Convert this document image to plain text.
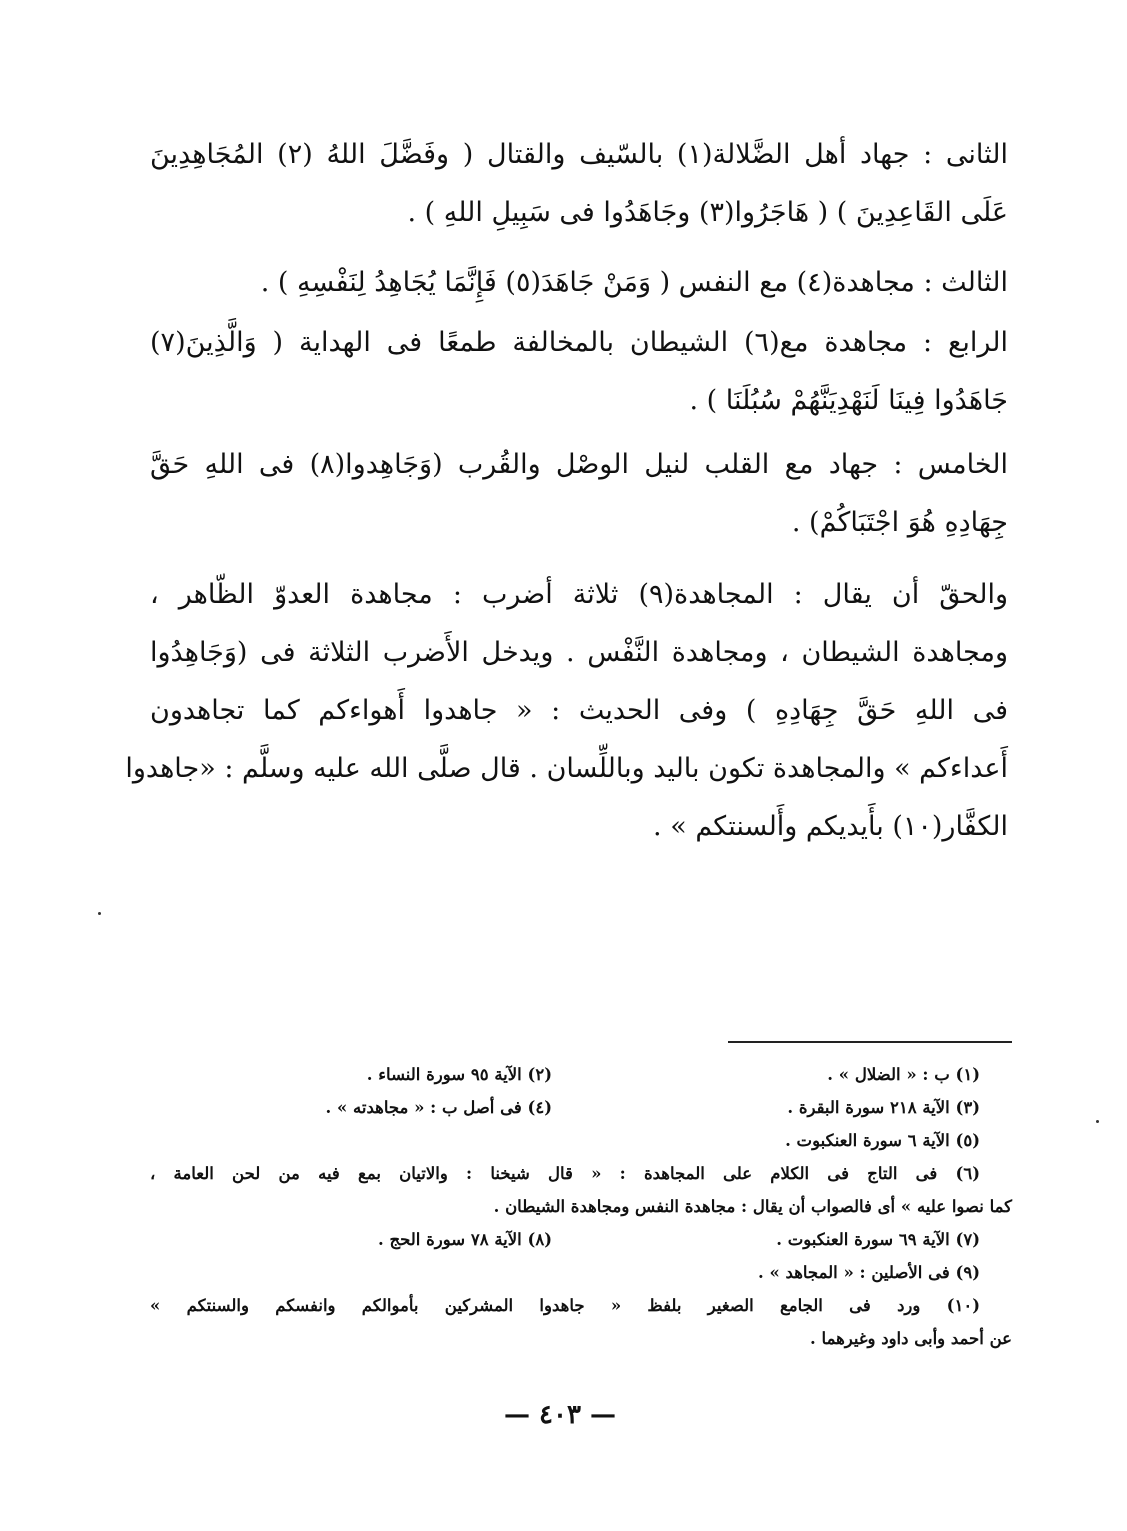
الثانى : جهاد أهل الضَّلالة(١) بالسّيف والقتال ( وفَضَّلَ اللهُ (٢) المُجَاهِدِينَ
عَلَى القَاعِدِينَ ) ( هَاجَرُوا(٣) وجَاهَدُوا فى سَبِيلِ اللهِ ) .
الثالث : مجاهدة(٤) مع النفس ( وَمَنْ جَاهَدَ(٥) فَإِنَّمَا يُجَاهِدُ لِنَفْسِهِ ) .
الرابع : مجاهدة مع(٦) الشيطان بالمخالفة طمعًا فى الهداية ( وَالَّذِينَ(٧)
جَاهَدُوا فِينَا لَنَهْدِيَنَّهُمْ سُبُلَنَا ) .
الخامس : جهاد مع القلب لنيل الوصْل والقُرب (وَجَاهِدوا(٨) فى اللهِ حَقَّ
جِهَادِهِ هُوَ اجْتَبَاكُمْ) .
والحقّ أن يقال : المجاهدة(٩) ثلاثة أضرب : مجاهدة العدوّ الظّاهر ،
ومجاهدة الشيطان ، ومجاهدة النَّفْس . ويدخل الأَضرب الثلاثة فى (وَجَاهِدُوا
فى اللهِ حَقَّ جِهَادِهِ ) وفى الحديث : « جاهدوا أَهواءكم كما تجاهدون
أَعداءكم » والمجاهدة تكون باليد وباللِّسان . قال صلَّى الله عليه وسلَّم : «جاهدوا
الكفَّار(١٠) بأَيديكم وأَلسنتكم » .
(١) ب : « الضلال » .
(٢) الآية ٩٥ سورة النساء .
(٣) الآية ٢١٨ سورة البقرة .
(٤) فى أصل ب : « مجاهدته » .
(٥) الآية ٦ سورة العنكبوت .
(٦) فى التاج فى الكلام على المجاهدة : « قال شيخنا : والاتيان بمع فيه من لحن العامة ،
كما نصوا عليه » أى فالصواب أن يقال : مجاهدة النفس ومجاهدة الشيطان .
(٧) الآية ٦٩ سورة العنكبوت .
(٨) الآية ٧٨ سورة الحج .
(٩) فى الأصلين : « المجاهد » .
(١٠) ورد فى الجامع الصغير بلفظ « جاهدوا المشركين بأموالكم وانفسكم والسنتكم »
عن أحمد وأبى داود وغيرهما .
— ٤٠٣ —
